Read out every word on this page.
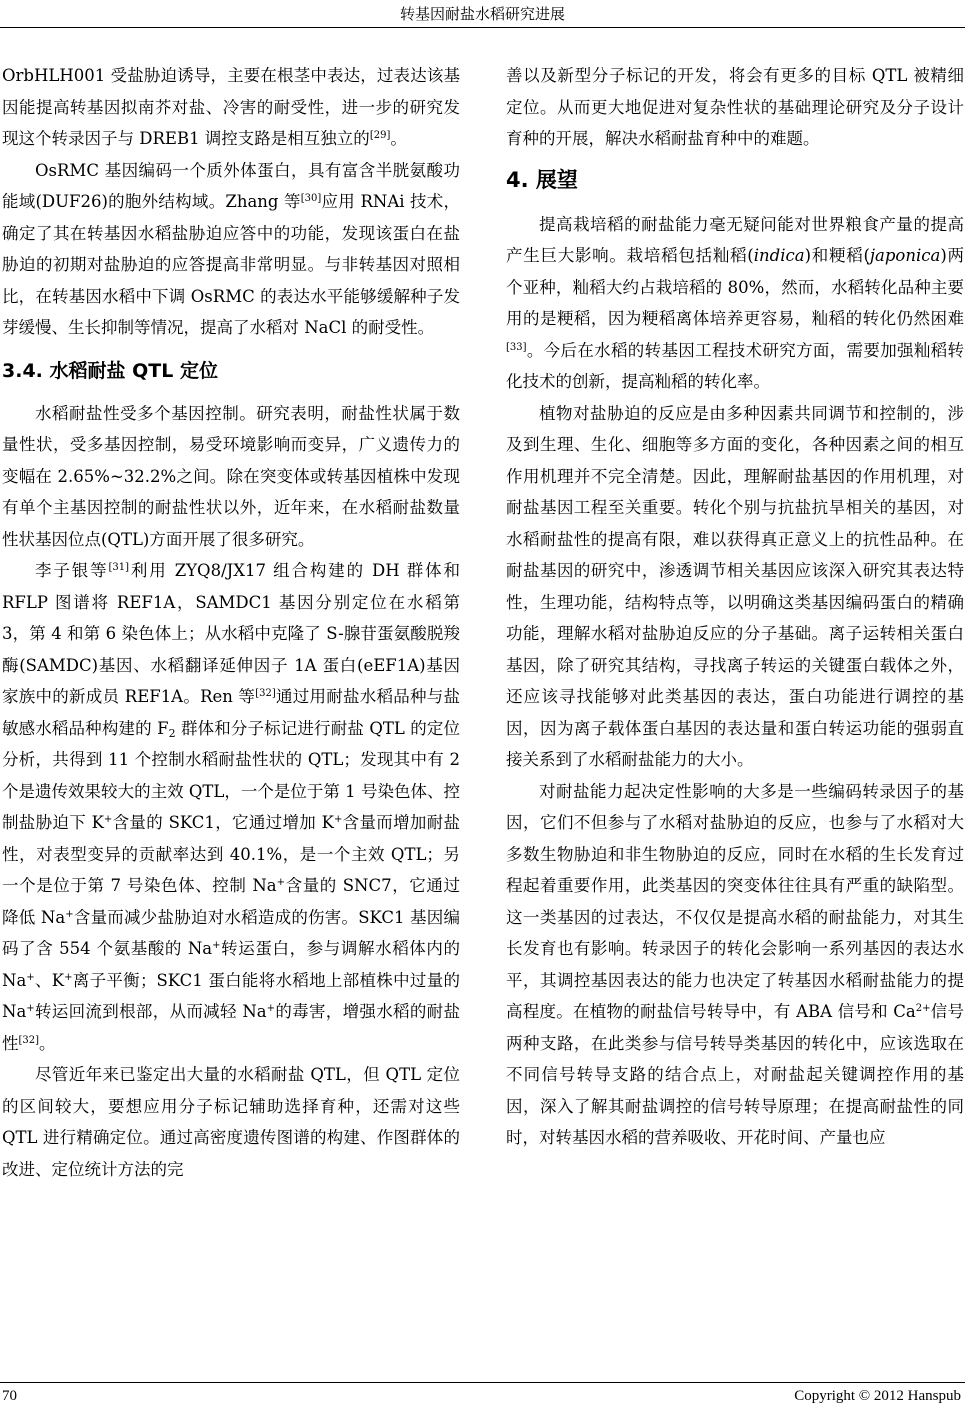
转基因耐盐水稻研究进展

OrbHLH001 受盐胁迫诱导，主要在根茎中表达，过表达该基因能提高转基因拟南芥对盐、冷害的耐受性，进一步的研究发现这个转录因子与 DREB1 调控支路是相互独立的[29]。

OsRMC 基因编码一个质外体蛋白，具有富含半胱氨酸功能域(DUF26)的胞外结构域。Zhang 等[30]应用 RNAi 技术，确定了其在转基因水稻盐胁迫应答中的功能，发现该蛋白在盐胁迫的初期对盐胁迫的应答提高非常明显。与非转基因对照相比，在转基因水稻中下调 OsRMC 的表达水平能够缓解种子发芽缓慢、生长抑制等情况，提高了水稻对 NaCl 的耐受性。

3.4. 水稻耐盐 QTL 定位

水稻耐盐性受多个基因控制。研究表明，耐盐性状属于数量性状，受多基因控制，易受环境影响而变异，广义遗传力的变幅在 2.65%~32.2%之间。除在突变体或转基因植株中发现有单个主基因控制的耐盐性状以外，近年来，在水稻耐盐数量性状基因位点(QTL)方面开展了很多研究。

李子银等[31]利用 ZYQ8/JX17 组合构建的 DH 群体和 RFLP 图谱将 REF1A，SAMDC1 基因分别定位在水稻第 3，第 4 和第 6 染色体上；从水稻中克隆了 S-腺苷蛋氨酸脱羧酶(SAMDC)基因、水稻翻译延伸因子 1A 蛋白(eEF1A)基因家族中的新成员 REF1A。Ren 等[32]通过用耐盐水稻品种与盐敏感水稻品种构建的 $F_2$ 群体和分子标记进行耐盐 QTL 的定位分析，共得到 11 个控制水稻耐盐性状的 QTL；发现其中有 2 个是遗传效果较大的主效 QTL，一个是位于第 1 号染色体、控制盐胁迫下 K+含量的 SKC1，它通过增加 K+含量而增加耐盐性，对表型变异的贡献率达到 40.1%，是一个主效 QTL；另一个是位于第 7 号染色体、控制 Na+含量的 SNC7，它通过降低 Na+含量而减少盐胁迫对水稻造成的伤害。SKC1 基因编码了含 554 个氨基酸的 Na+转运蛋白，参与调解水稻体内的 Na+、K+离子平衡；SKC1 蛋白能将水稻地上部植株中过量的 Na+转运回流到根部，从而减轻 Na+的毒害，增强水稻的耐盐性[32]。

尽管近年来已鉴定出大量的水稻耐盐 QTL，但 QTL 定位的区间较大，要想应用分子标记辅助选择育种，还需对这些 QTL 进行精确定位。通过高密度遗传图谱的构建、作图群体的改进、定位统计方法的完

善以及新型分子标记的开发，将会有更多的目标 QTL 被精细定位。从而更大地促进对复杂性状的基础理论研究及分子设计育种的开展，解决水稻耐盐育种中的难题。

4. 展望

提高栽培稻的耐盐能力毫无疑问能对世界粮食产量的提高产生巨大影响。栽培稻包括籼稻(indica)和粳稻(japonica)两个亚种，籼稻大约占栽培稻的 80%，然而，水稻转化品种主要用的是粳稻，因为粳稻离体培养更容易，籼稻的转化仍然困难[33]。今后在水稻的转基因工程技术研究方面，需要加强籼稻转化技术的创新，提高籼稻的转化率。

植物对盐胁迫的反应是由多种因素共同调节和控制的，涉及到生理、生化、细胞等多方面的变化，各种因素之间的相互作用机理并不完全清楚。因此，理解耐盐基因的作用机理，对耐盐基因工程至关重要。转化个别与抗盐抗旱相关的基因，对水稻耐盐性的提高有限，难以获得真正意义上的抗性品种。在耐盐基因的研究中，渗透调节相关基因应该深入研究其表达特性，生理功能，结构特点等，以明确这类基因编码蛋白的精确功能，理解水稻对盐胁迫反应的分子基础。离子运转相关蛋白基因，除了研究其结构，寻找离子转运的关键蛋白载体之外，还应该寻找能够对此类基因的表达，蛋白功能进行调控的基因，因为离子载体蛋白基因的表达量和蛋白转运功能的强弱直接关系到了水稻耐盐能力的大小。

对耐盐能力起决定性影响的大多是一些编码转录因子的基因，它们不但参与了水稻对盐胁迫的反应，也参与了水稻对大多数生物胁迫和非生物胁迫的反应，同时在水稻的生长发育过程起着重要作用，此类基因的突变体往往具有严重的缺陷型。这一类基因的过表达，不仅仅是提高水稻的耐盐能力，对其生长发育也有影响。转录因子的转化会影响一系列基因的表达水平，其调控基因表达的能力也决定了转基因水稻耐盐能力的提高程度。在植物的耐盐信号转导中，有 ABA 信号和 $Ca^{2+}$信号两种支路，在此类参与信号转导类基因的转化中，应该选取在不同信号转导支路的结合点上，对耐盐起关键调控作用的基因，深入了解其耐盐调控的信号转导原理；在提高耐盐性的同时，对转基因水稻的营养吸收、开花时间、产量也应

70	Copyright © 2012 Hanspub
